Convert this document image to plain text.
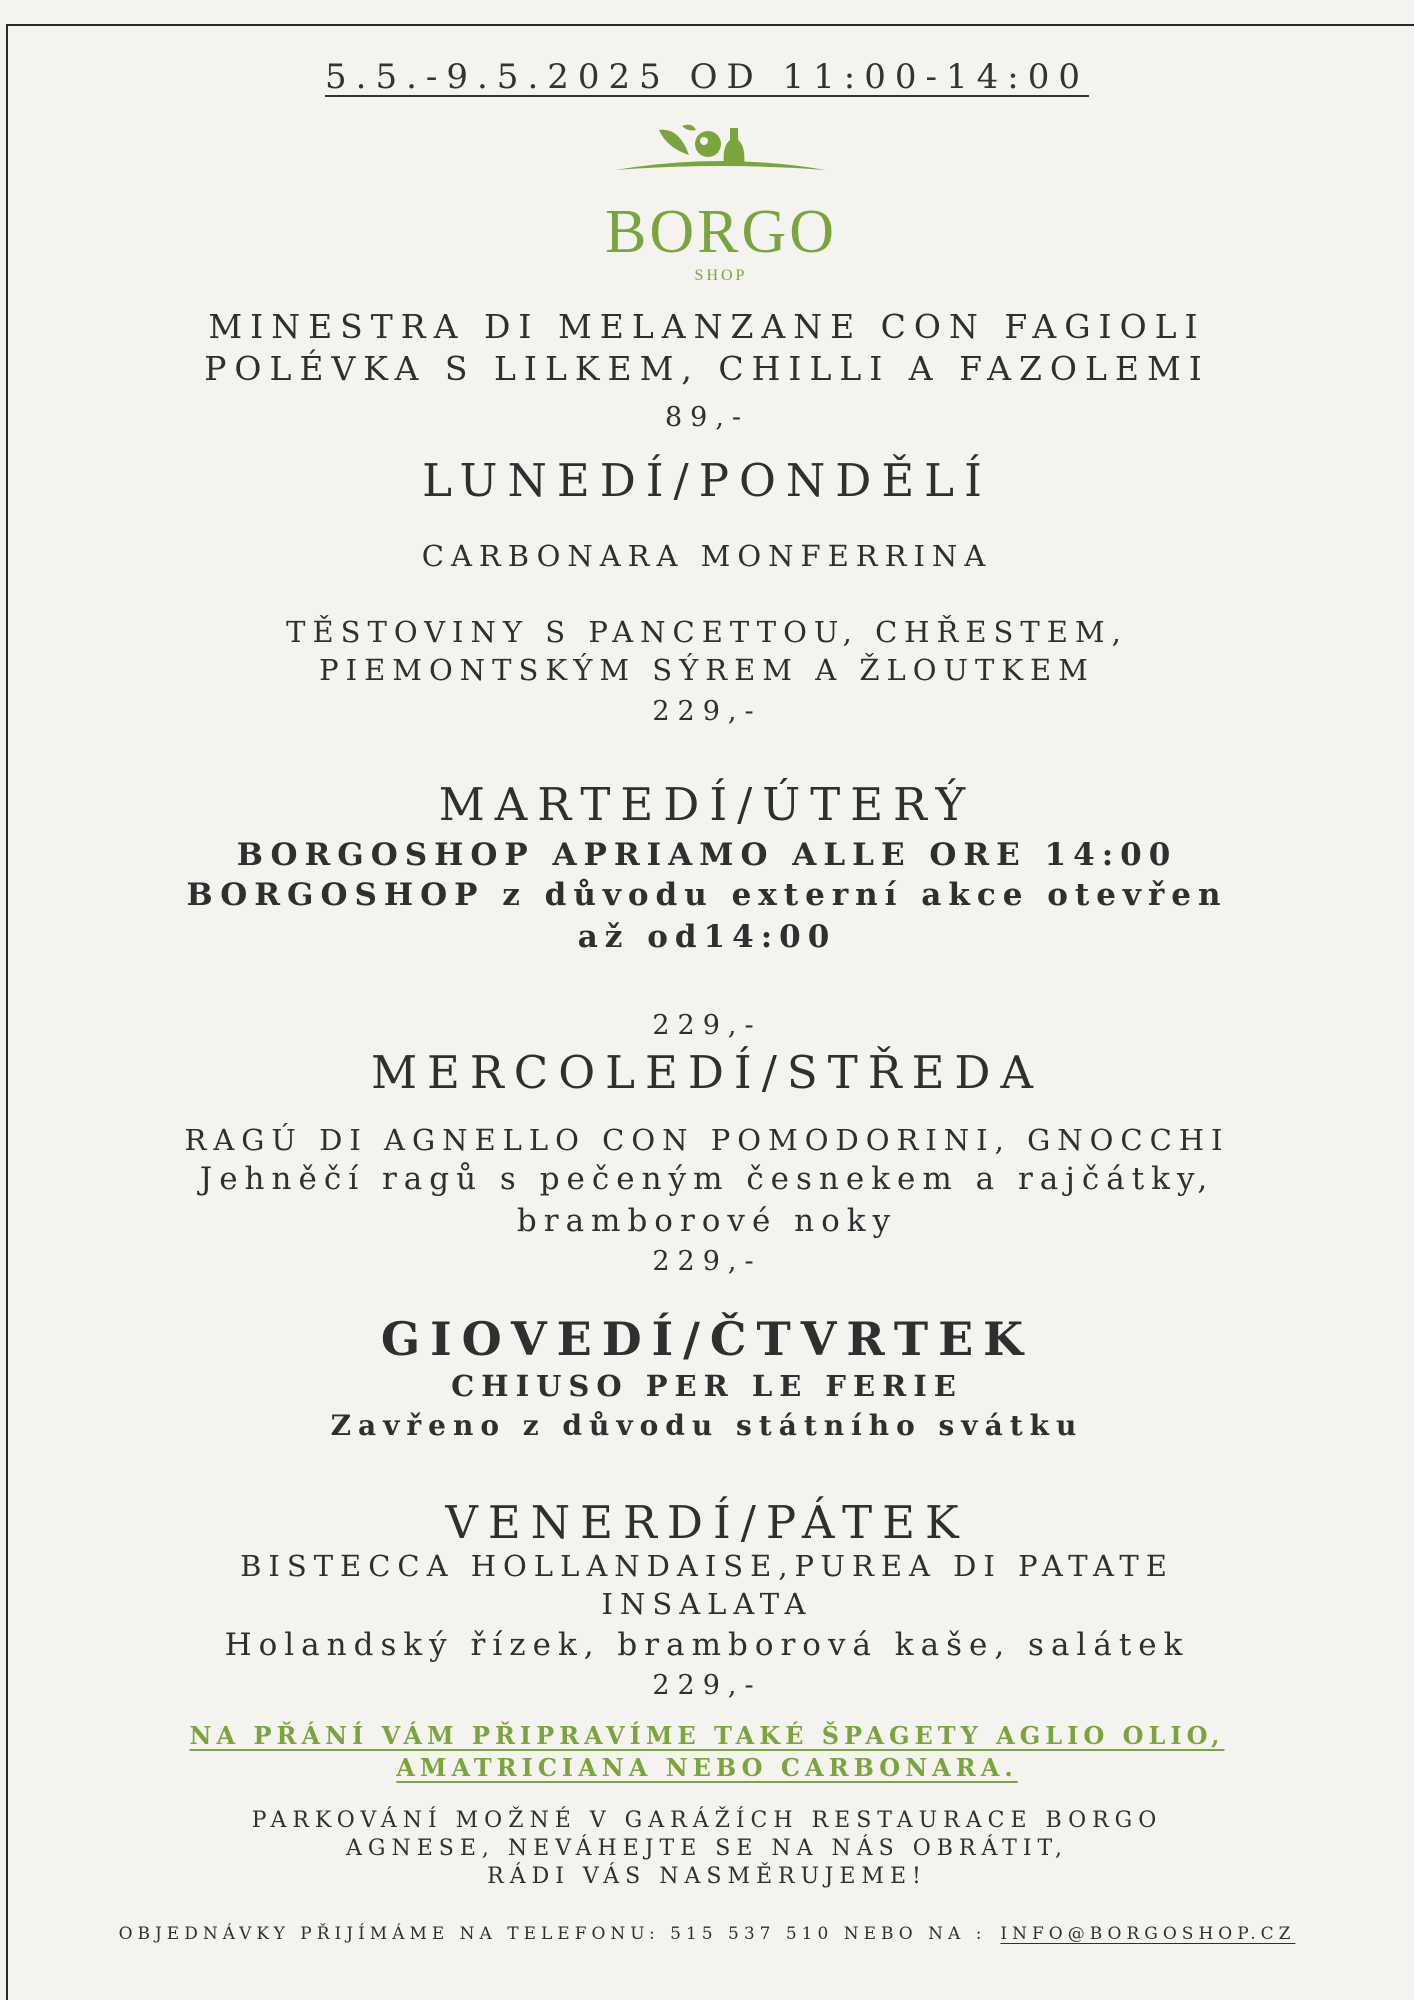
5.5.-9.5.2025 OD 11:00-14:00
BORGO
SHOP
MINESTRA DI MELANZANE CON FAGIOLI
POLÉVKA S LILKEM, CHILLI A FAZOLEMI
89,-
LUNEDÍ/PONDĚLÍ
CARBONARA MONFERRINA
TĚSTOVINY S PANCETTOU, CHŘESTEM,
PIEMONTSKÝM SÝREM A ŽLOUTKEM
229,-
MARTEDÍ/ÚTERÝ
BORGOSHOP APRIAMO ALLE ORE 14:00
BORGOSHOP z důvodu externí akce otevřen
až od14:00
229,-
MERCOLEDÍ/STŘEDA
RAGÚ DI AGNELLO CON POMODORINI, GNOCCHI
Jehněčí ragů s pečeným česnekem a rajčátky,
bramborové noky
229,-
GIOVEDÍ/ČTVRTEK
CHIUSO PER LE FERIE
Zavřeno z důvodu státního svátku
VENERDÍ/PÁTEK
BISTECCA HOLLANDAISE,PUREA DI PATATE
INSALATA
Holandský řízek, bramborová kaše, salátek
229,-
NA PŘÁNÍ VÁM PŘIPRAVÍME TAKÉ ŠPAGETY AGLIO OLIO,
AMATRICIANA NEBO CARBONARA.
PARKOVÁNÍ MOŽNÉ V GARÁŽÍCH RESTAURACE BORGO
AGNESE, NEVÁHEJTE SE NA NÁS OBRÁTIT,
RÁDI VÁS NASMĚRUJEME!
OBJEDNÁVKY PŘIJÍMÁME NA TELEFONU: 515 537 510 NEBO NA : INFO@BORGOSHOP.CZ
